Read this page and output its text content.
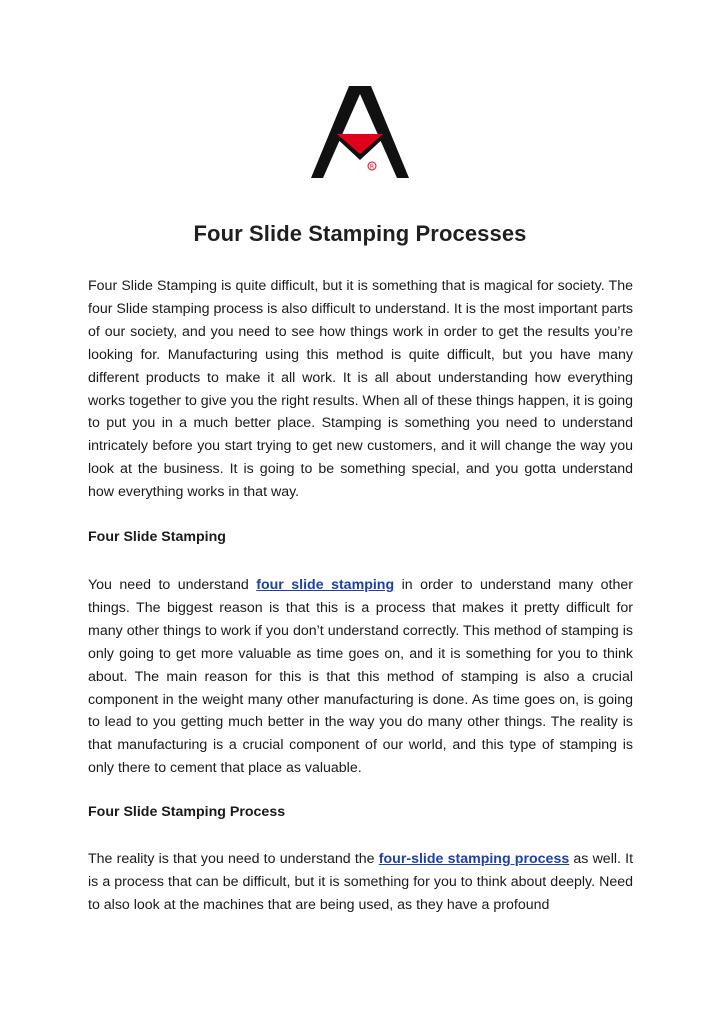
R
Four Slide Stamping Processes

Four Slide Stamping is quite difficult, but it is something that is magical for society. The four Slide stamping process is also difficult to understand. It is the most important parts of our society, and you need to see how things work in order to get the results you’re looking for. Manufacturing using this method is quite difficult, but you have many different products to make it all work. It is all about understanding how everything works together to give you the right results. When all of these things happen, it is going to put you in a much better place. Stamping is something you need to understand intricately before you start trying to get new customers, and it will change the way you look at the business. It is going to be something special, and you gotta understand how everything works in that way.

Four Slide Stamping

You need to understand four slide stamping in order to understand many other things. The biggest reason is that this is a process that makes it pretty difficult for many other things to work if you don’t understand correctly. This method of stamping is only going to get more valuable as time goes on, and it is something for you to think about. The main reason for this is that this method of stamping is also a crucial component in the weight many other manufacturing is done. As time goes on, is going to lead to you getting much better in the way you do many other things. The reality is that manufacturing is a crucial component of our world, and this type of stamping is only there to cement that place as valuable.

Four Slide Stamping Process

The reality is that you need to understand the four-slide stamping process as well. It is a process that can be difficult, but it is something for you to think about deeply. Need to also look at the machines that are being used, as they have a profound
